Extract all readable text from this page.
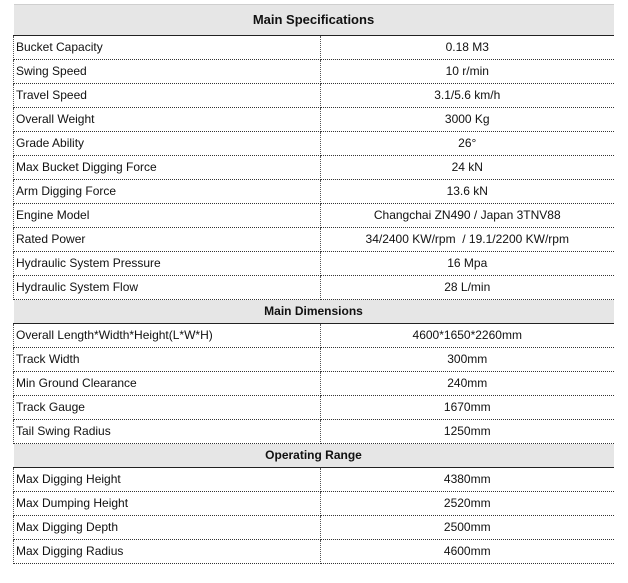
Main Specifications	
Bucket Capacity	0.18 M3
Swing Speed	10 r/min
Travel Speed	3.1/5.6 km/h
Overall Weight	3000 Kg
Grade Ability	26°
Max Bucket Digging Force	24 kN
Arm Digging Force	13.6 kN
Engine Model	Changchai ZN490 / Japan 3TNV88
Rated Power	34/2400 KW/rpm  / 19.1/2200 KW/rpm
Hydraulic System Pressure	16 Mpa
Hydraulic System Flow	28 L/min
Main Dimensions	
Overall Length*Width*Height(L*W*H)	4600*1650*2260mm
Track Width	300mm
Min Ground Clearance	240mm
Track Gauge	1670mm
Tail Swing Radius	1250mm
Operating Range	
Max Digging Height	4380mm
Max Dumping Height	2520mm
Max Digging Depth	2500mm
Max Digging Radius	4600mm
